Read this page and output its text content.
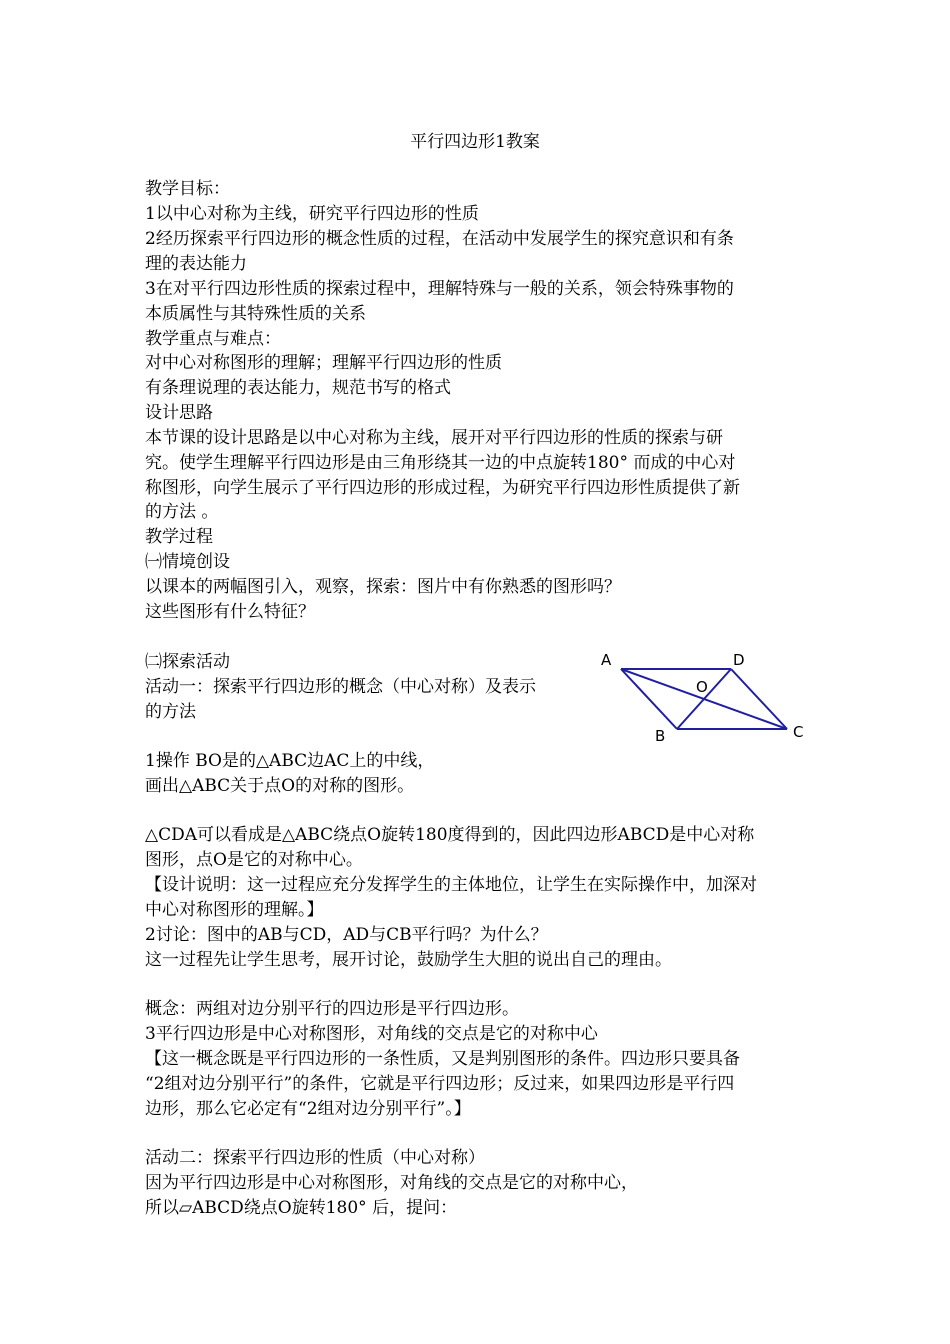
平行四边形1教案
教学目标：
1以中心对称为主线，研究平行四边形的性质
2经历探索平行四边形的概念性质的过程，在活动中发展学生的探究意识和有条
理的表达能力
3在对平行四边形性质的探索过程中，理解特殊与一般的关系，领会特殊事物的
本质属性与其特殊性质的关系
教学重点与难点：
对中心对称图形的理解；理解平行四边形的性质
有条理说理的表达能力，规范书写的格式
设计思路
本节课的设计思路是以中心对称为主线，展开对平行四边形的性质的探索与研
究。使学生理解平行四边形是由三角形绕其一边的中点旋转180° 而成的中心对
称图形，向学生展示了平行四边形的形成过程，为研究平行四边形性质提供了新
的方法 。
教学过程
㈠情境创设
以课本的两幅图引入，观察，探索：图片中有你熟悉的图形吗？
这些图形有什么特征？
㈡探索活动
活动一：探索平行四边形的概念（中心对称）及表示
的方法
1操作 BO是的△ABC边AC上的中线，
画出△ABC关于点O的对称的图形。
△CDA可以看成是△ABC绕点O旋转180度得到的，因此四边形ABCD是中心对称
图形，点O是它的对称中心。
【设计说明：这一过程应充分发挥学生的主体地位，让学生在实际操作中，加深对
中心对称图形的理解。】
2讨论：图中的AB与CD，AD与CB平行吗？为什么？
这一过程先让学生思考，展开讨论，鼓励学生大胆的说出自己的理由。
概念：两组对边分别平行的四边形是平行四边形。
3平行四边形是中心对称图形，对角线的交点是它的对称中心
【这一概念既是平行四边形的一条性质，又是判别图形的条件。四边形只要具备
“2组对边分别平行”的条件，它就是平行四边形；反过来，如果四边形是平行四
边形，那么它必定有“2组对边分别平行”。】
活动二：探索平行四边形的性质（中心对称）
因为平行四边形是中心对称图形，对角线的交点是它的对称中心，
所以▱ABCD绕点O旋转180° 后，提问：
A	D
O
B	C
